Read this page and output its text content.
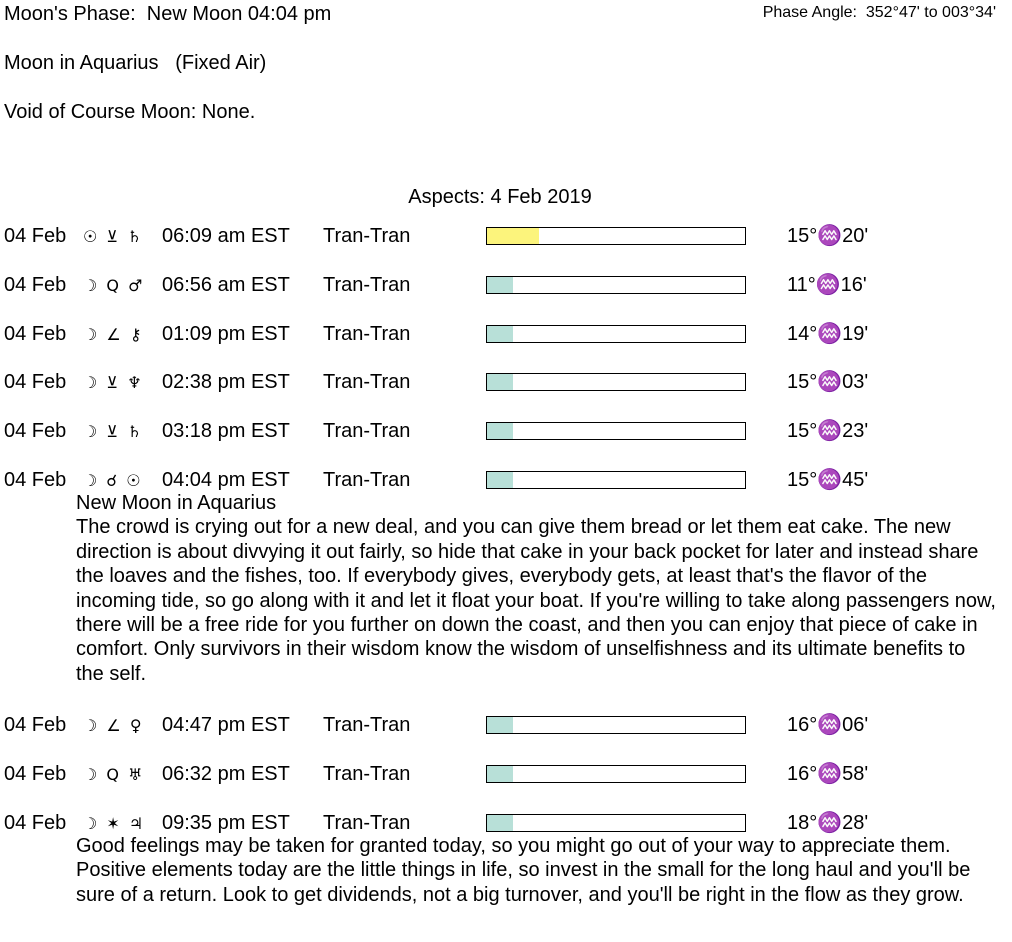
Moon's Phase:  New Moon 04:04 pm	Phase Angle:  352°47' to 003°34'
Moon in Aquarius   (Fixed Air)
Void of Course Moon: None.
Aspects: 4 Feb 2019
04 Feb ☉ ⊻ ♄ 06:09 am EST Tran-Tran	15°♒20'
04 Feb ☽ Q ♂ 06:56 am EST Tran-Tran	11°♒16'
04 Feb ☽ ∠ ⚷ 01:09 pm EST Tran-Tran	14°♒19'
04 Feb ☽ ⊻ ♆ 02:38 pm EST Tran-Tran	15°♒03'
04 Feb ☽ ⊻ ♄ 03:18 pm EST Tran-Tran	15°♒23'
04 Feb ☽ ☌ ☉ 04:04 pm EST Tran-Tran	15°♒45'

New Moon in Aquarius

The crowd is crying out for a new deal, and you can give them bread or let them eat cake. The new direction is about divvying it out fairly, so hide that cake in your back pocket for later and instead share the loaves and the fishes, too. If everybody gives, everybody gets, at least that's the flavor of the incoming tide, so go along with it and let it float your boat. If you're willing to take along passengers now, there will be a free ride for you further on down the coast, and then you can enjoy that piece of cake in comfort. Only survivors in their wisdom know the wisdom of unselfishness and its ultimate benefits to the self.

04 Feb ☽ ∠ ♀ 04:47 pm EST Tran-Tran	16°♒06'
04 Feb ☽ Q ♅ 06:32 pm EST Tran-Tran	16°♒58'
04 Feb ☽ ✶ ♃ 09:35 pm EST Tran-Tran	18°♒28'

Good feelings may be taken for granted today, so you might go out of your way to appreciate them. Positive elements today are the little things in life, so invest in the small for the long haul and you'll be sure of a return. Look to get dividends, not a big turnover, and you'll be right in the flow as they grow.
